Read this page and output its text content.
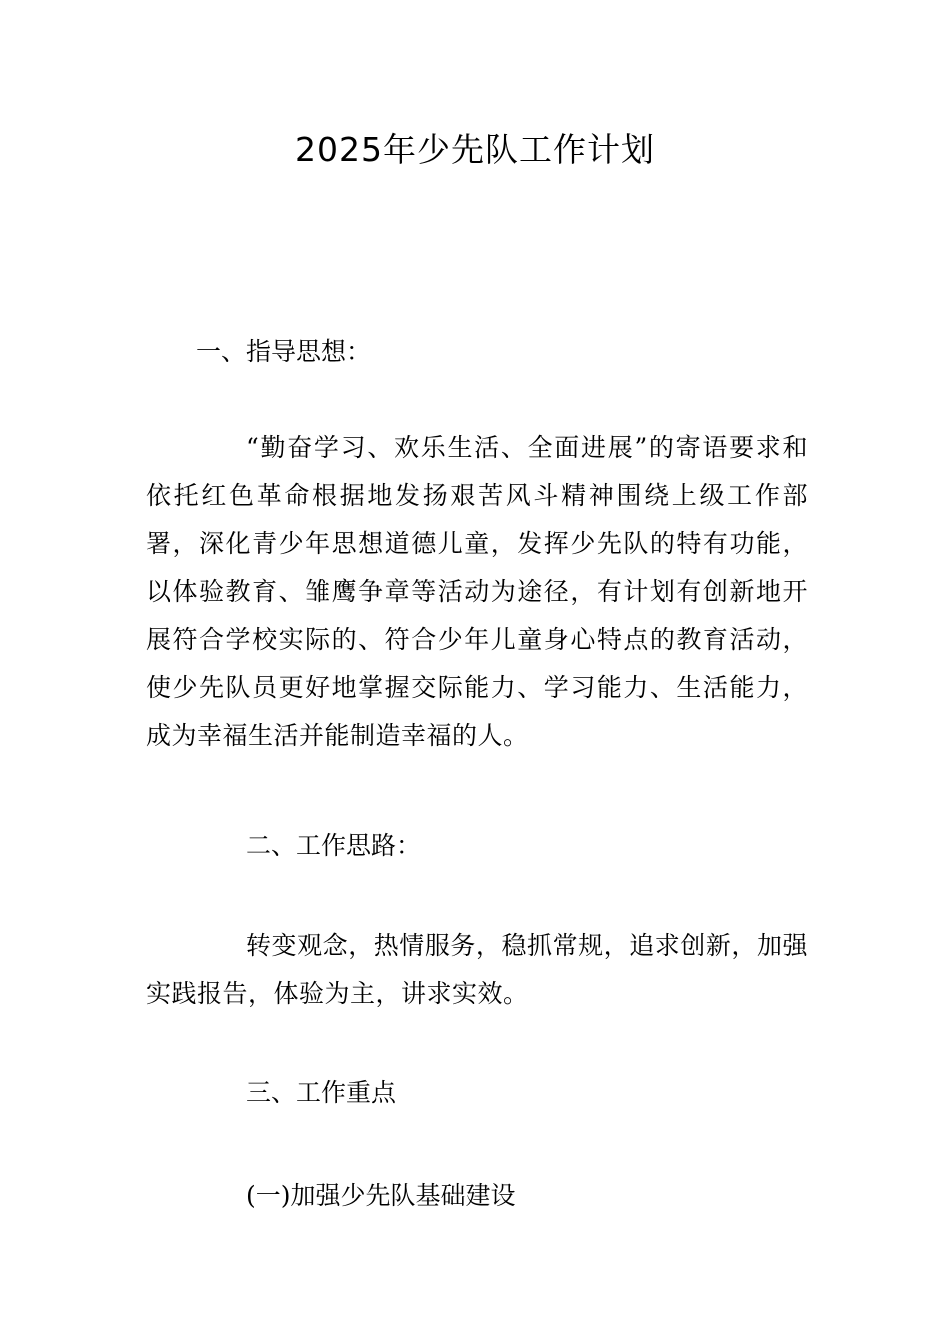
2025年少先队工作计划
一、指导思想：
“勤奋学习、欢乐生活、全面进展”的寄语要求和依托红色革命根据地发扬艰苦风斗精神围绕上级工作部署，深化青少年思想道德儿童，发挥少先队的特有功能，以体验教育、雏鹰争章等活动为途径，有计划有创新地开展符合学校实际的、符合少年儿童身心特点的教育活动，使少先队员更好地掌握交际能力、学习能力、生活能力，成为幸福生活并能制造幸福的人。
二、工作思路：
转变观念，热情服务，稳抓常规，追求创新，加强实践报告，体验为主，讲求实效。
三、工作重点
(一)加强少先队基础建设
